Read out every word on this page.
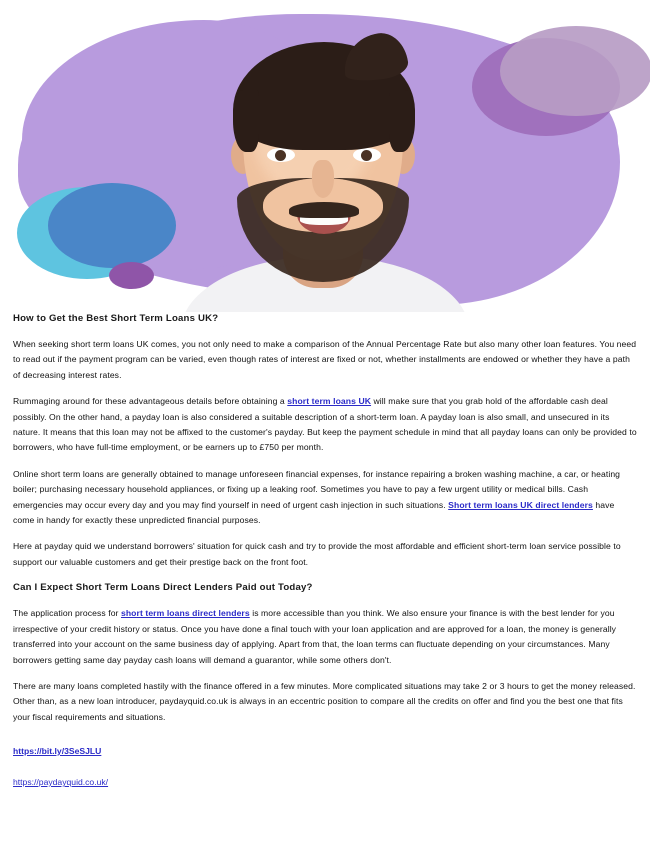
How to Get the Best Short Term Loans UK?

When seeking short term loans UK comes, you not only need to make a comparison of the Annual Percentage Rate but also many other loan features. You need to read out if the payment program can be varied, even though rates of interest are fixed or not, whether installments are endowed or whether they have a path of decreasing interest rates.

Rummaging around for these advantageous details before obtaining a short term loans UK will make sure that you grab hold of the affordable cash deal possibly. On the other hand, a payday loan is also considered a suitable description of a short-term loan. A payday loan is also small, and unsecured in its nature. It means that this loan may not be affixed to the customer's payday. But keep the payment schedule in mind that all payday loans can only be provided to borrowers, who have full-time employment, or be earners up to £750 per month.

Online short term loans are generally obtained to manage unforeseen financial expenses, for instance repairing a broken washing machine, a car, or heating boiler; purchasing necessary household appliances, or fixing up a leaking roof. Sometimes you have to pay a few urgent utility or medical bills. Cash emergencies may occur every day and you may find yourself in need of urgent cash injection in such situations. Short term loans UK direct lenders have come in handy for exactly these unpredicted financial purposes.

Here at payday quid we understand borrowers' situation for quick cash and try to provide the most affordable and efficient short-term loan service possible to support our valuable customers and get their prestige back on the front foot.

Can I Expect Short Term Loans Direct Lenders Paid out Today?

The application process for short term loans direct lenders is more accessible than you think. We also ensure your finance is with the best lender for you irrespective of your credit history or status. Once you have done a final touch with your loan application and are approved for a loan, the money is generally transferred into your account on the same business day of applying. Apart from that, the loan terms can fluctuate depending on your circumstances. Many borrowers getting same day payday cash loans will demand a guarantor, while some others don't.

There are many loans completed hastily with the finance offered in a few minutes. More complicated situations may take 2 or 3 hours to get the money released. Other than, as a new loan introducer, paydayquid.co.uk is always in an eccentric position to compare all the credits on offer and find you the best one that fits your fiscal requirements and situations.

https://bit.ly/3SeSJLU

https://paydayquid.co.uk/
